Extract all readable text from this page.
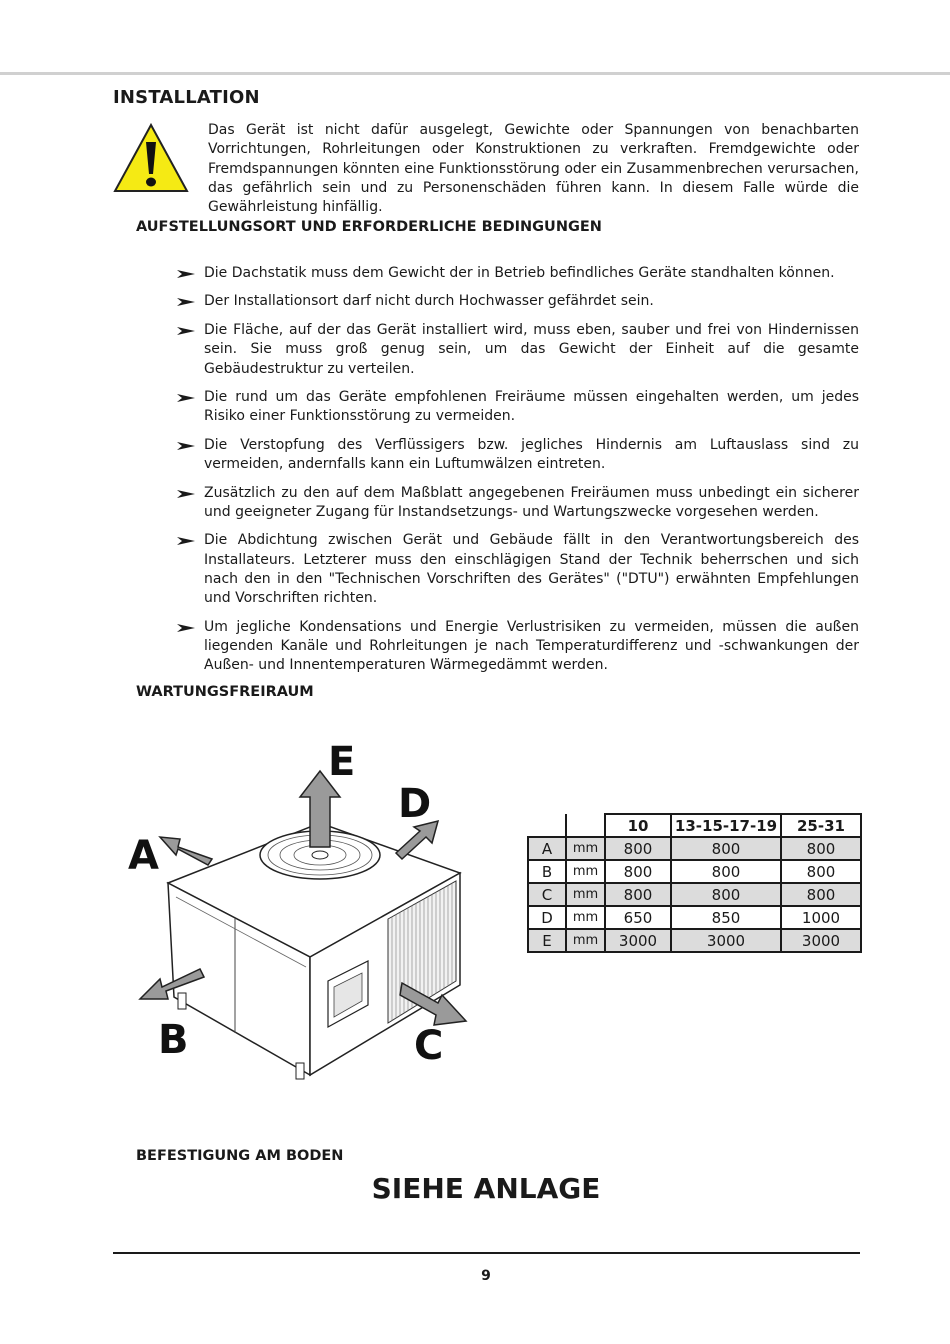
INSTALLATION

Das Gerät ist nicht dafür ausgelegt, Gewichte oder Spannungen von benachbarten Vorrichtungen, Rohrleitungen oder Konstruktionen zu verkraften. Fremdgewichte oder Fremdspannungen könnten eine Funktionsstörung oder ein Zusammenbrechen verursachen, das gefährlich sein und zu Personenschäden führen kann. In diesem Falle würde die Gewährleistung hinfällig.

AUFSTELLUNGSORT UND ERFORDERLICHE BEDINGUNGEN
Die Dachstatik muss dem Gewicht der in Betrieb befindliches Geräte standhalten können.
Der Installationsort darf nicht durch Hochwasser gefährdet sein.
Die Fläche, auf der das Gerät installiert wird, muss eben, sauber und frei von Hindernissen sein. Sie muss groß genug sein, um das Gewicht der Einheit auf die gesamte Gebäudestruktur zu verteilen.
Die rund um das Geräte empfohlenen Freiräume müssen eingehalten werden, um jedes Risiko einer Funktionsstörung zu vermeiden.
Die Verstopfung des Verflüssigers bzw. jegliches Hindernis am Luftauslass sind zu vermeiden, andernfalls kann ein Luftumwälzen eintreten.
Zusätzlich zu den auf dem Maßblatt angegebenen Freiräumen muss unbedingt ein sicherer und geeigneter Zugang für Instandsetzungs- und Wartungszwecke vorgesehen werden.
Die Abdichtung zwischen Gerät und Gebäude fällt in den Verantwortungsbereich des Installateurs. Letzterer muss den einschlägigen Stand der Technik beherrschen und sich nach den in den "Technischen Vorschriften des Gerätes" ("DTU") erwähnten Empfehlungen und Vorschriften richten.
Um jegliche Kondensations und Energie Verlustrisiken zu vermeiden, müssen die außen liegenden Kanäle und Rohrleitungen je nach Temperaturdifferenz und -schwankungen der Außen- und Innentemperaturen Wärmegedämmt werden.
WARTUNGSFREIRAUM
E
D
A
B	C
		10	13-15-17-19	25-31
A	mm	800	800	800
B	mm	800	800	800
C	mm	800	800	800
D	mm	650	850	1000
E	mm	3000	3000	3000
BEFESTIGUNG AM BODEN
SIEHE ANLAGE
9
